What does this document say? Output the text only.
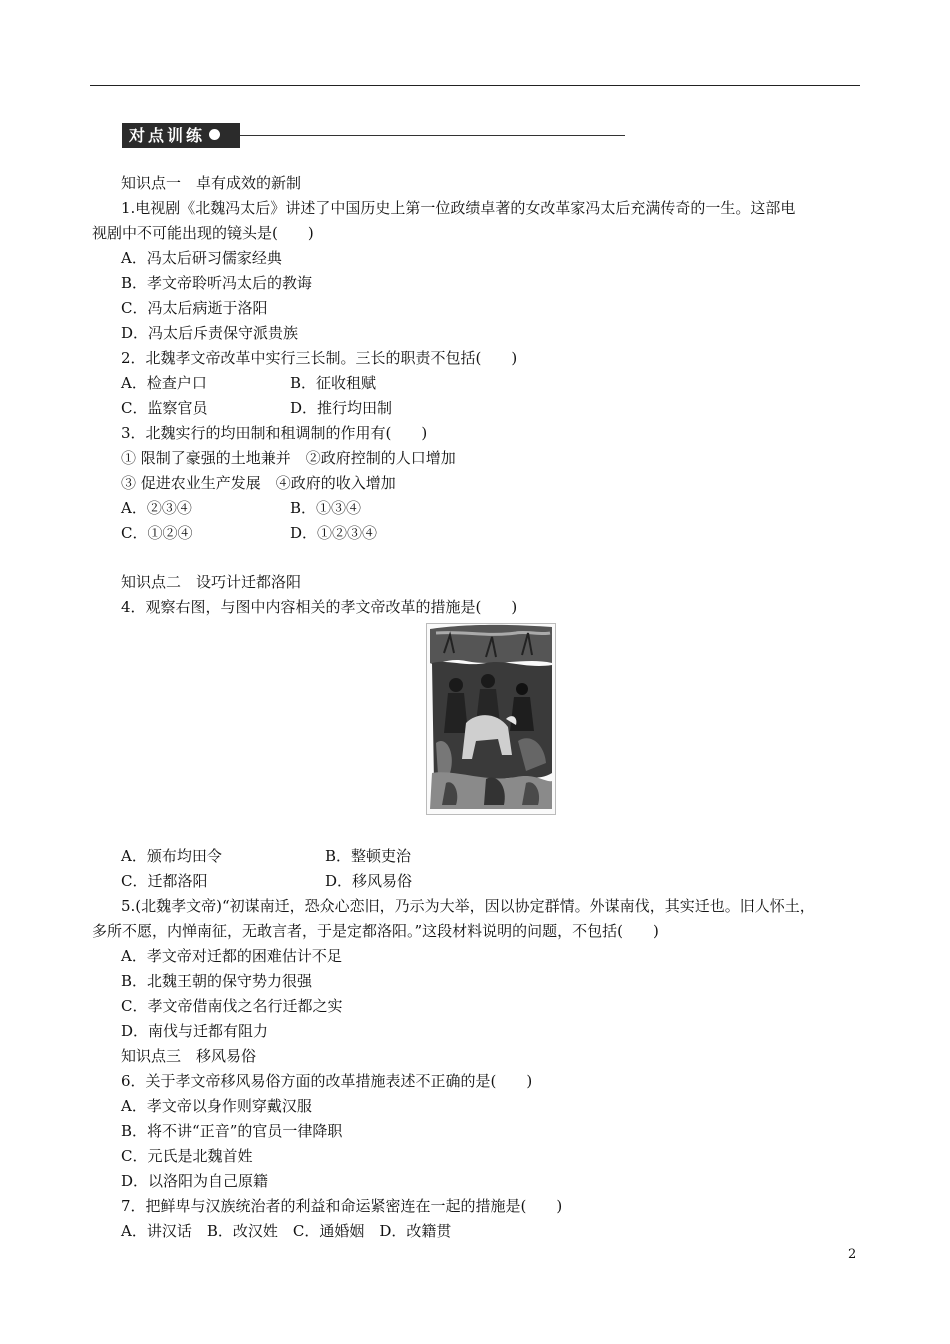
对点训练
知识点一　卓有成效的新制
1.电视剧《北魏冯太后》讲述了中国历史上第一位政绩卓著的女改革家冯太后充满传奇的一生。这部电
视剧中不可能出现的镜头是(　　)
A．冯太后研习儒家经典
B．孝文帝聆听冯太后的教诲
C．冯太后病逝于洛阳
D．冯太后斥责保守派贵族
2．北魏孝文帝改革中实行三长制。三长的职责不包括(　　)
A．检查户口	B．征收租赋
C．监察官员	D．推行均田制
3．北魏实行的均田制和租调制的作用有(　　)
① 限制了豪强的土地兼并　②政府控制的人口增加
③ 促进农业生产发展　④政府的收入增加
A．②③④	B．①③④
C．①②④	D．①②③④
知识点二　设巧计迁都洛阳
4．观察右图，与图中内容相关的孝文帝改革的措施是(　　)
A．颁布均田令	B．整顿吏治
C．迁都洛阳	D．移风易俗
5.(北魏孝文帝)“初谋南迁，恐众心恋旧，乃示为大举，因以协定群情。外谋南伐，其实迁也。旧人怀土，
多所不愿，内惮南征，无敢言者，于是定都洛阳。”这段材料说明的问题，不包括(　　)
A．孝文帝对迁都的困难估计不足
B．北魏王朝的保守势力很强
C．孝文帝借南伐之名行迁都之实
D．南伐与迁都有阻力
知识点三　移风易俗
6．关于孝文帝移风易俗方面的改革措施表述不正确的是(　　)
A．孝文帝以身作则穿戴汉服
B．将不讲“正音”的官员一律降职
C．元氏是北魏首姓
D．以洛阳为自己原籍
7．把鲜卑与汉族统治者的利益和命运紧密连在一起的措施是(　　)
A．讲汉话　B．改汉姓　C．通婚姻　D．改籍贯
2
